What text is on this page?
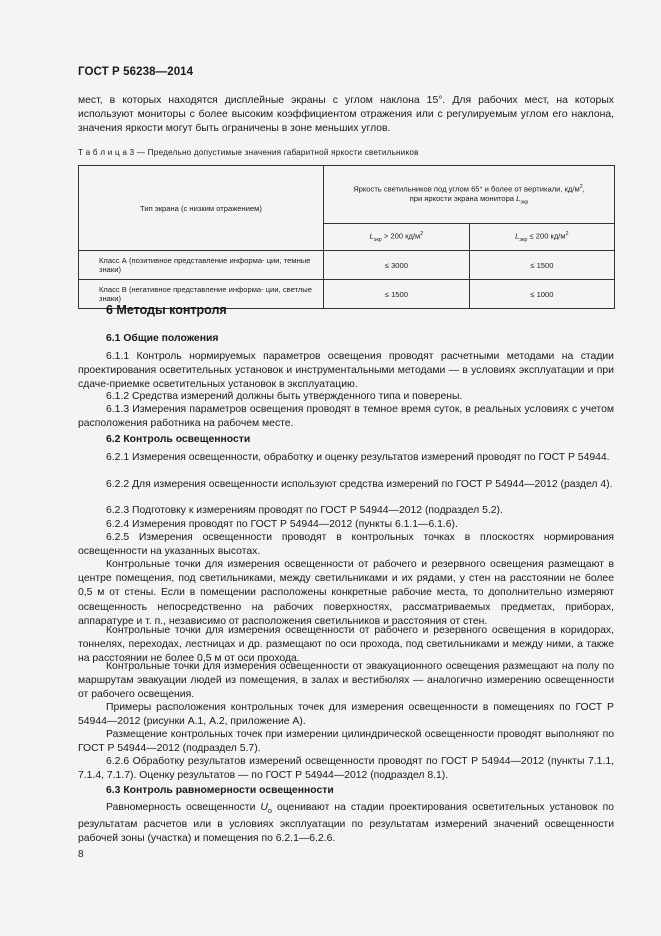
ГОСТ Р 56238—2014

мест, в которых находятся дисплейные экраны с углом наклона 15°. Для рабочих мест, на которых используют мониторы с более высоким коэффициентом отражения или с регулируемым углом его наклона, значения яркости могут быть ограничены в зоне меньших углов.

Т а б л и ц а 3 — Предельно допустимые значения габаритной яркости светильников
Тип экрана (с низким отражением)	Яркость светильников под углом 65° и более от вертикали, $кд/м^2$,
при яркости экрана монитора $L_{экр}$
	$L_{экр} > 200$ $кд/м^2$	$L_{экр} \le 200$ $кд/м^2$
Класс А (позитивное представление информа- ции, темные знаки)	≤ 3000	≤ 1500
Класс В (негативное представление информа- ции, светлые знаки)	≤ 1500	≤ 1000
6 Методы контроля
6.1 Общие положения

6.1.1 Контроль нормируемых параметров освещения проводят расчетными методами на стадии проектирования осветительных установок и инструментальными методами — в условиях эксплуатации и при сдаче-приемке осветительных установок в эксплуатацию.

6.1.2 Средства измерений должны быть утвержденного типа и поверены.

6.1.3 Измерения параметров освещения проводят в темное время суток, в реальных условиях с учетом расположения работника на рабочем месте.

6.2 Контроль освещенности

6.2.1 Измерения освещенности, обработку и оценку результатов измерений проводят по ГОСТ Р 54944.

6.2.2 Для измерения освещенности используют средства измерений по ГОСТ Р 54944—2012 (раздел 4).

6.2.3 Подготовку к измерениям проводят по ГОСТ Р 54944—2012 (подраздел 5.2).

6.2.4 Измерения проводят по ГОСТ Р 54944—2012 (пункты 6.1.1—6.1.6).

6.2.5 Измерения освещенности проводят в контрольных точках в плоскостях нормирования освещенности на указанных высотах.

Контрольные точки для измерения освещенности от рабочего и резервного освещения размещают в центре помещения, под светильниками, между светильниками и их рядами, у стен на расстоянии не более 0,5 м от стены. Если в помещении расположены конкретные рабочие места, то дополнительно измеряют освещенность непосредственно на рабочих поверхностях, рассматриваемых предметах, приборах, аппаратуре и т. п., независимо от расположения светильников и расстояния от стен.

Контрольные точки для измерения освещенности от рабочего и резервного освещения в коридорах, тоннелях, переходах, лестницах и др. размещают по оси прохода, под светильниками и между ними, а также на расстоянии не более 0,5 м от оси прохода.

Контрольные точки для измерения освещенности от эвакуационного освещения размещают на полу по маршрутам эвакуации людей из помещения, в залах и вестибюлях — аналогично измерению освещенности от рабочего освещения.

Примеры расположения контрольных точек для измерения освещенности в помещениях по ГОСТ Р 54944—2012 (рисунки А.1, А.2, приложение А).

Размещение контрольных точек при измерении цилиндрической освещенности проводят выполняют по ГОСТ Р 54944—2012 (подраздел 5.7).

6.2.6 Обработку результатов измерений освещенности проводят по ГОСТ Р 54944—2012 (пункты 7.1.1, 7.1.4, 7.1.7). Оценку результатов — по ГОСТ Р 54944—2012 (подраздел 8.1).

6.3 Контроль равномерности освещенности

Равномерность освещенности $U_о$ оценивают на стадии проектирования осветительных установок по результатам расчетов или в условиях эксплуатации по результатам измерений значений освещенности рабочей зоны (участка) и помещения по 6.2.1—6.2.6.

8
